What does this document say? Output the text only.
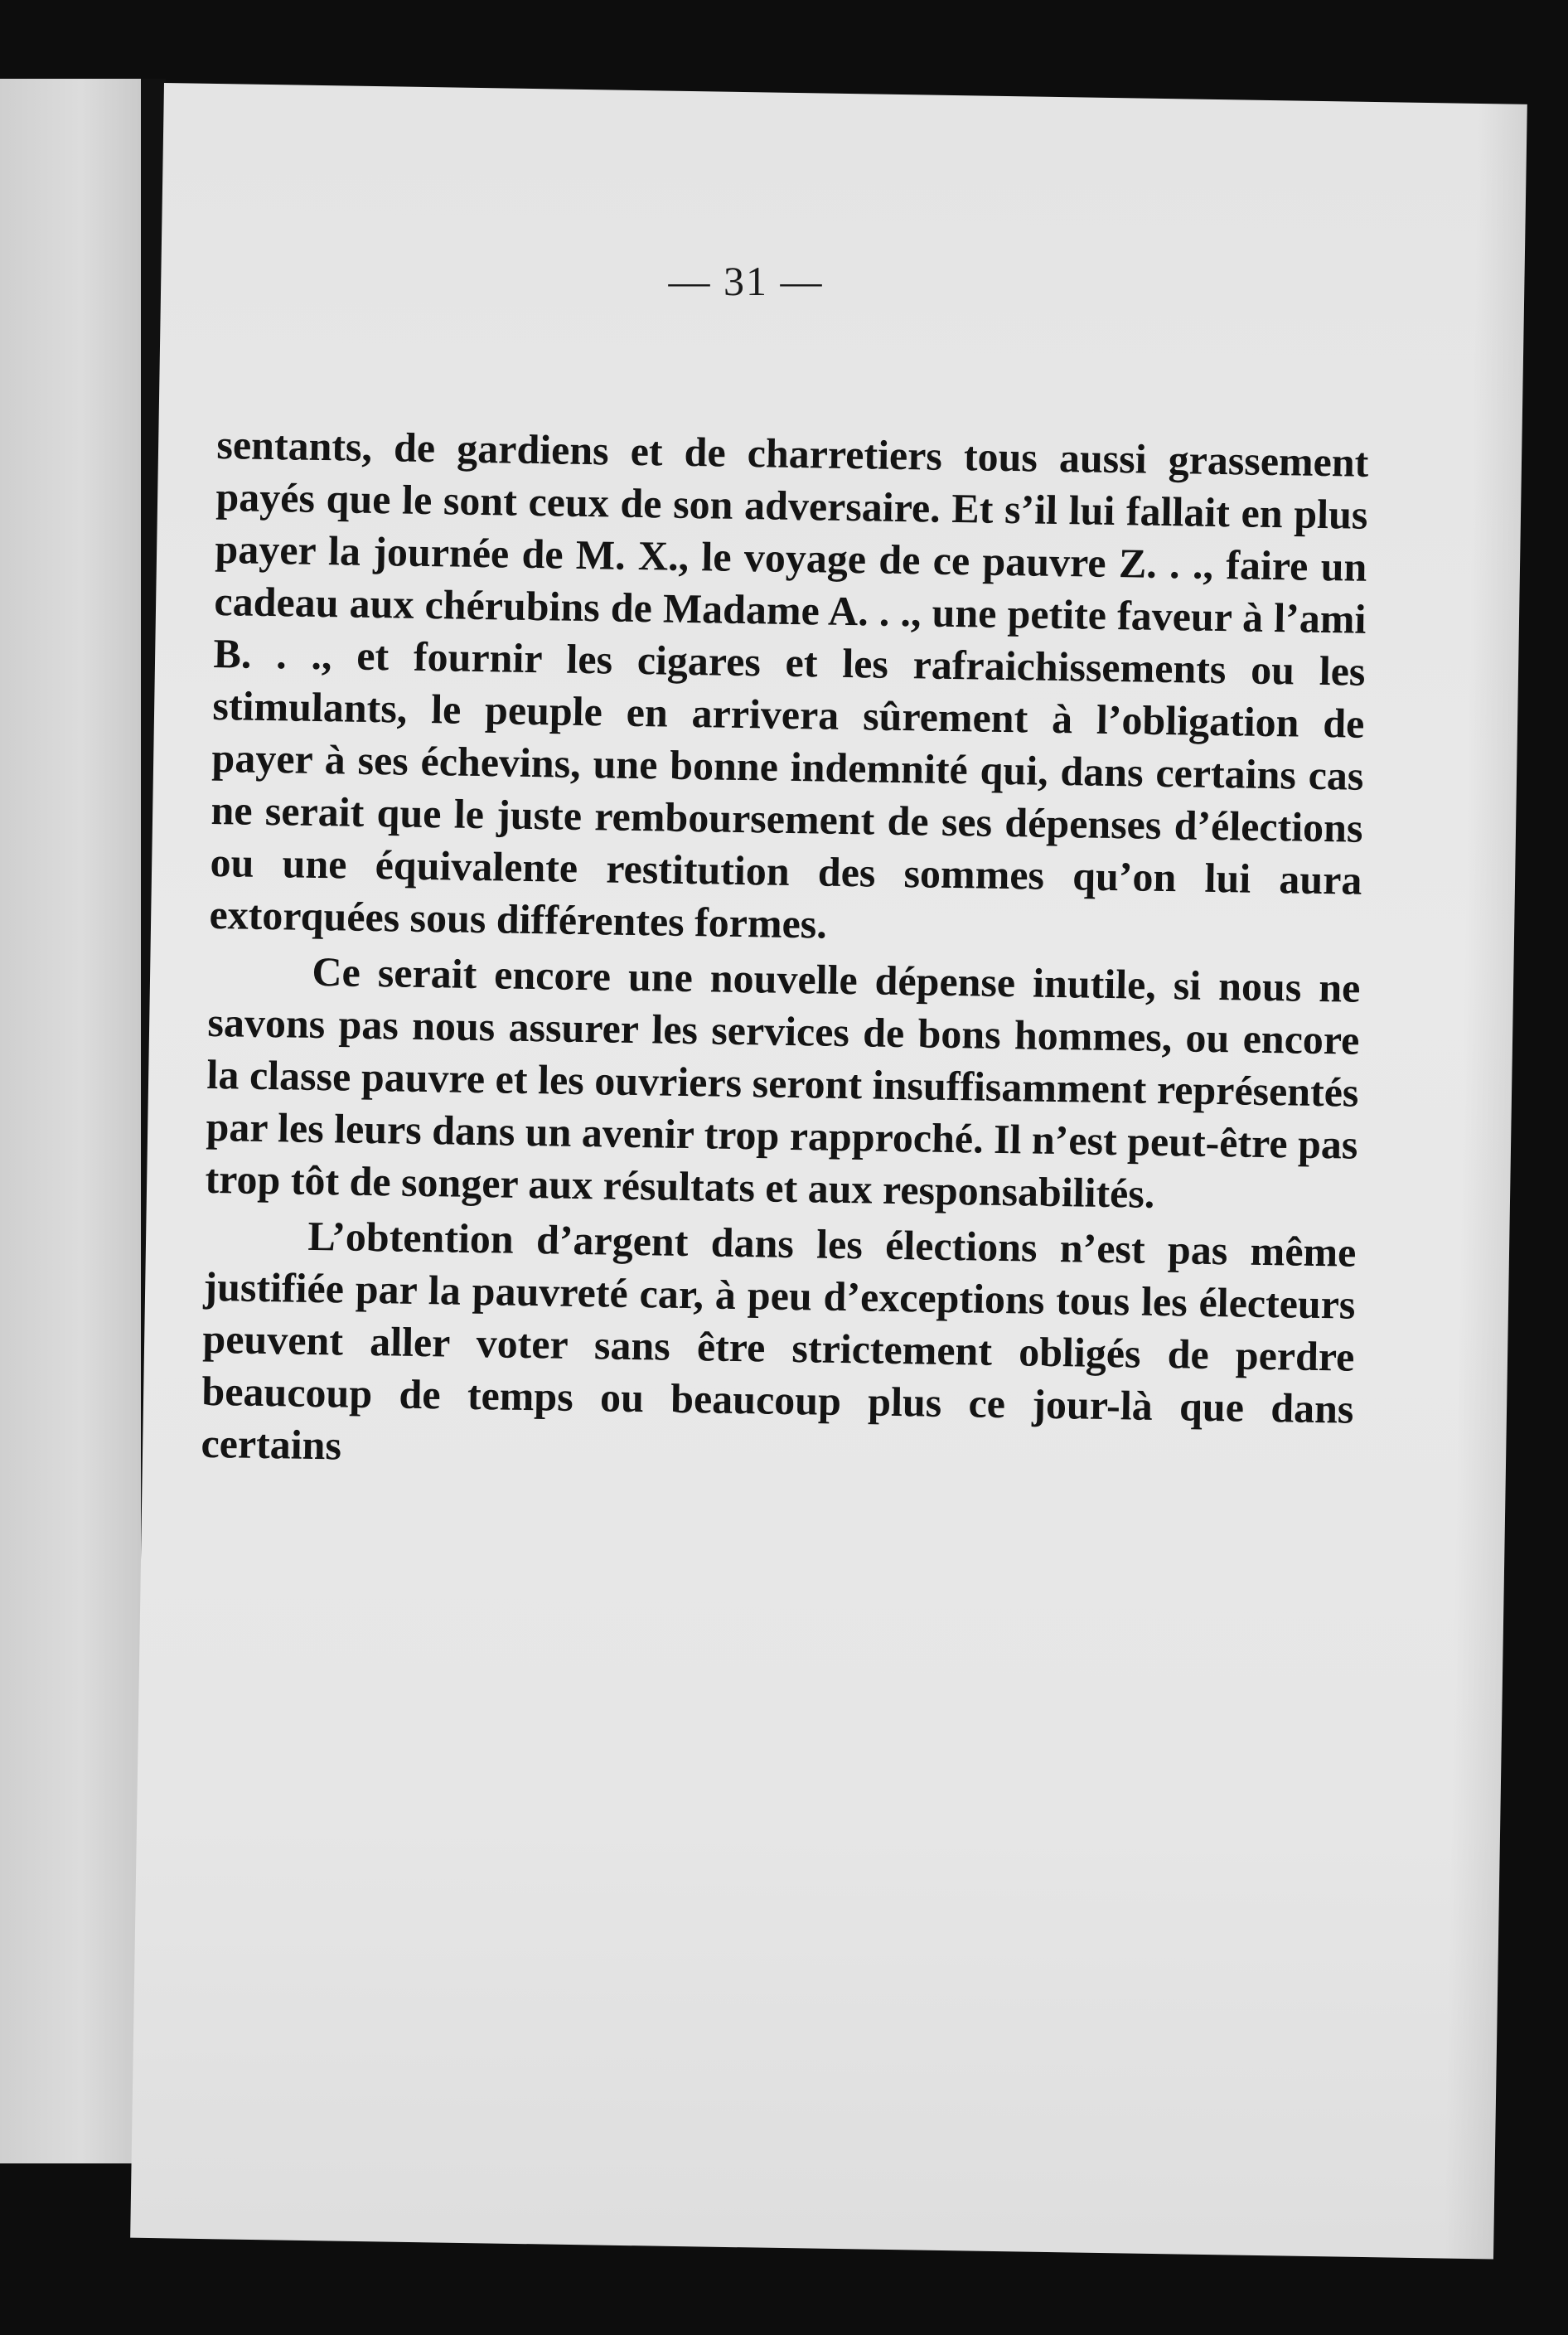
— 31 —

sentants, de gardiens et de charretiers tous aussi grassement payés que le sont ceux de son adversaire. Et s’il lui fallait en plus payer la journée de M. X., le voyage de ce pauvre Z. . ., faire un cadeau aux chérubins de Madame A. . ., une petite faveur à l’ami B. . ., et fournir les cigares et les rafraichissements ou les stimulants, le peuple en arrivera sûrement à l’obligation de payer à ses échevins, une bonne indemnité qui, dans certains cas ne serait que le juste remboursement de ses dépenses d’élections ou une équivalente restitution des sommes qu’on lui aura extorquées sous différentes formes.

Ce serait encore une nouvelle dépense inutile, si nous ne savons pas nous assurer les services de bons hommes, ou encore la classe pauvre et les ouvriers seront insuffisamment représentés par les leurs dans un avenir trop rapproché. Il n’est peut-être pas trop tôt de songer aux résultats et aux responsabilités.

L’obtention d’argent dans les élections n’est pas même justifiée par la pauvreté car, à peu d’exceptions tous les électeurs peuvent aller voter sans être strictement obligés de perdre beaucoup de temps ou beaucoup plus ce jour-là que dans certains
